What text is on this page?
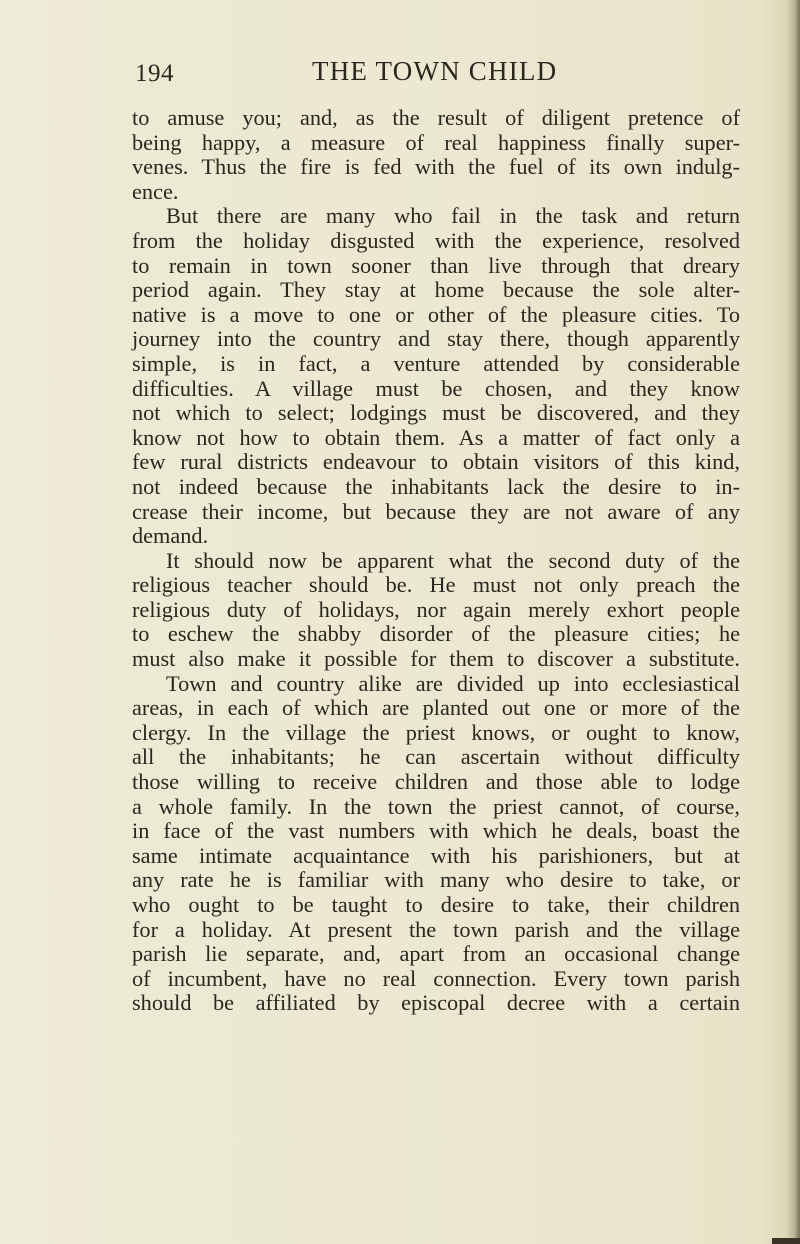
194	THE TOWN CHILD
to amuse you; and, as the result of diligent pretence of
being happy, a measure of real happiness finally super-
venes. Thus the fire is fed with the fuel of its own indulg-
ence.
But there are many who fail in the task and return
from the holiday disgusted with the experience, resolved
to remain in town sooner than live through that dreary
period again. They stay at home because the sole alter-
native is a move to one or other of the pleasure cities. To
journey into the country and stay there, though apparently
simple, is in fact, a venture attended by considerable
difficulties. A village must be chosen, and they know
not which to select; lodgings must be discovered, and they
know not how to obtain them. As a matter of fact only a
few rural districts endeavour to obtain visitors of this kind,
not indeed because the inhabitants lack the desire to in-
crease their income, but because they are not aware of any
demand.
It should now be apparent what the second duty of the
religious teacher should be. He must not only preach the
religious duty of holidays, nor again merely exhort people
to eschew the shabby disorder of the pleasure cities; he
must also make it possible for them to discover a substitute.
Town and country alike are divided up into ecclesiastical
areas, in each of which are planted out one or more of the
clergy. In the village the priest knows, or ought to know,
all the inhabitants; he can ascertain without difficulty
those willing to receive children and those able to lodge
a whole family. In the town the priest cannot, of course,
in face of the vast numbers with which he deals, boast the
same intimate acquaintance with his parishioners, but at
any rate he is familiar with many who desire to take, or
who ought to be taught to desire to take, their children
for a holiday. At present the town parish and the village
parish lie separate, and, apart from an occasional change
of incumbent, have no real connection. Every town parish
should be affiliated by episcopal decree with a certain
